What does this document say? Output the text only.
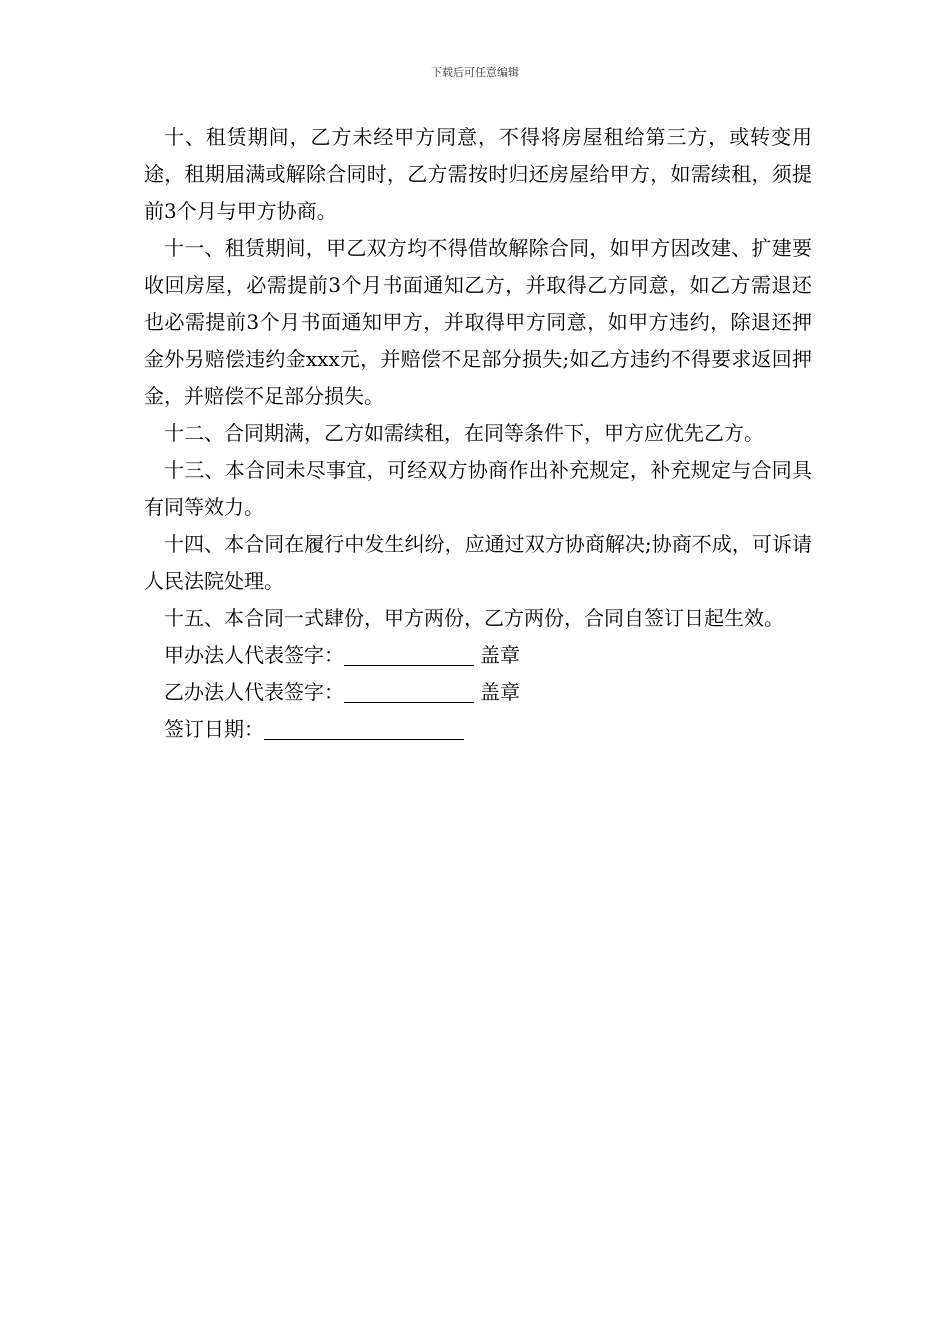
下载后可任意编辑

十、租赁期间，乙方未经甲方同意，不得将房屋租给第三方，或转变用途，租期届满或解除合同时，乙方需按时归还房屋给甲方，如需续租，须提前3个月与甲方协商。

十一、租赁期间，甲乙双方均不得借故解除合同，如甲方因改建、扩建要收回房屋，必需提前3个月书面通知乙方，并取得乙方同意，如乙方需退还也必需提前3个月书面通知甲方，并取得甲方同意，如甲方违约，除退还押金外另赔偿违约金xxx元，并赔偿不足部分损失;如乙方违约不得要求返回押金，并赔偿不足部分损失。

十二、合同期满，乙方如需续租，在同等条件下，甲方应优先乙方。

十三、本合同未尽事宜，可经双方协商作出补充规定，补充规定与合同具有同等效力。

十四、本合同在履行中发生纠纷，应通过双方协商解决;协商不成，可诉请人民法院处理。

十五、本合同一式肆份，甲方两份，乙方两份，合同自签订日起生效。

甲办法人代表签字：	盖章

乙办法人代表签字：	盖章

签订日期：
